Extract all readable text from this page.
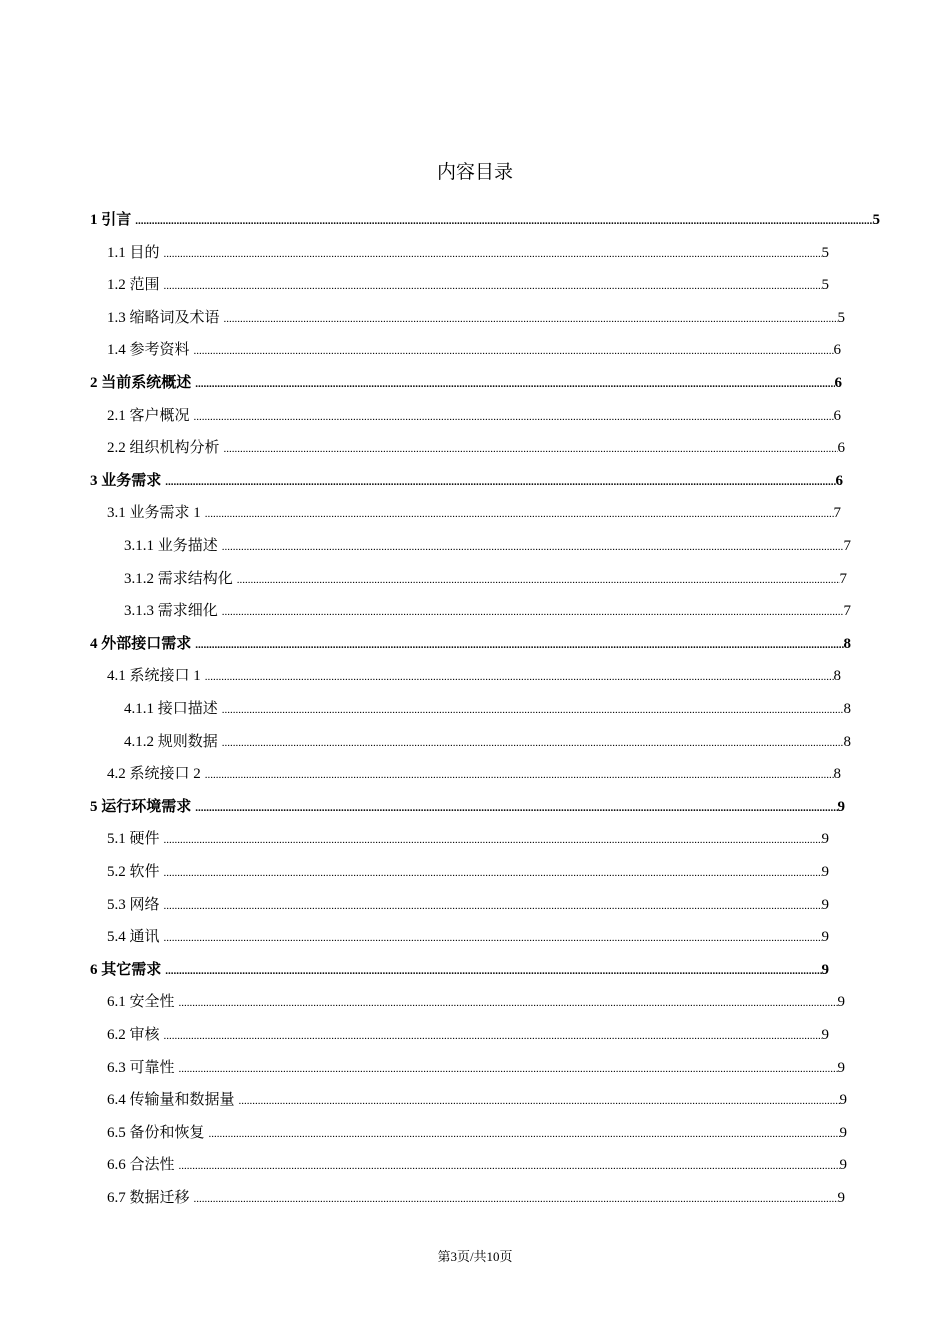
内容目录
1 引言 .....	5
1.1 目的 .....	5
1.2 范围 .....	5
1.3 缩略词及术语 .....	5
1.4 参考资料 .....	6
2 当前系统概述 .....	6
2.1 客户概况 .....	6
2.2 组织机构分析 .....	6
3 业务需求 .....	6
3.1 业务需求 1 .....	7
3.1.1 业务描述 .....	7
3.1.2 需求结构化 .....	7
3.1.3 需求细化 .....	7
4 外部接口需求 .....	8
4.1 系统接口 1 .....	8
4.1.1 接口描述 .....	8
4.1.2 规则数据 .....	8
4.2 系统接口 2 .....	8
5 运行环境需求 .....	9
5.1 硬件 .....	9
5.2 软件 .....	9
5.3 网络 .....	9
5.4 通讯 .....	9
6 其它需求 .....	9
6.1 安全性 .....	9
6.2 审核 .....	9
6.3 可靠性 .....	9
6.4 传输量和数据量 .....	9
6.5 备份和恢复 .....	9
6.6 合法性 .....	9
6.7 数据迁移 .....	9
第3页/共10页
